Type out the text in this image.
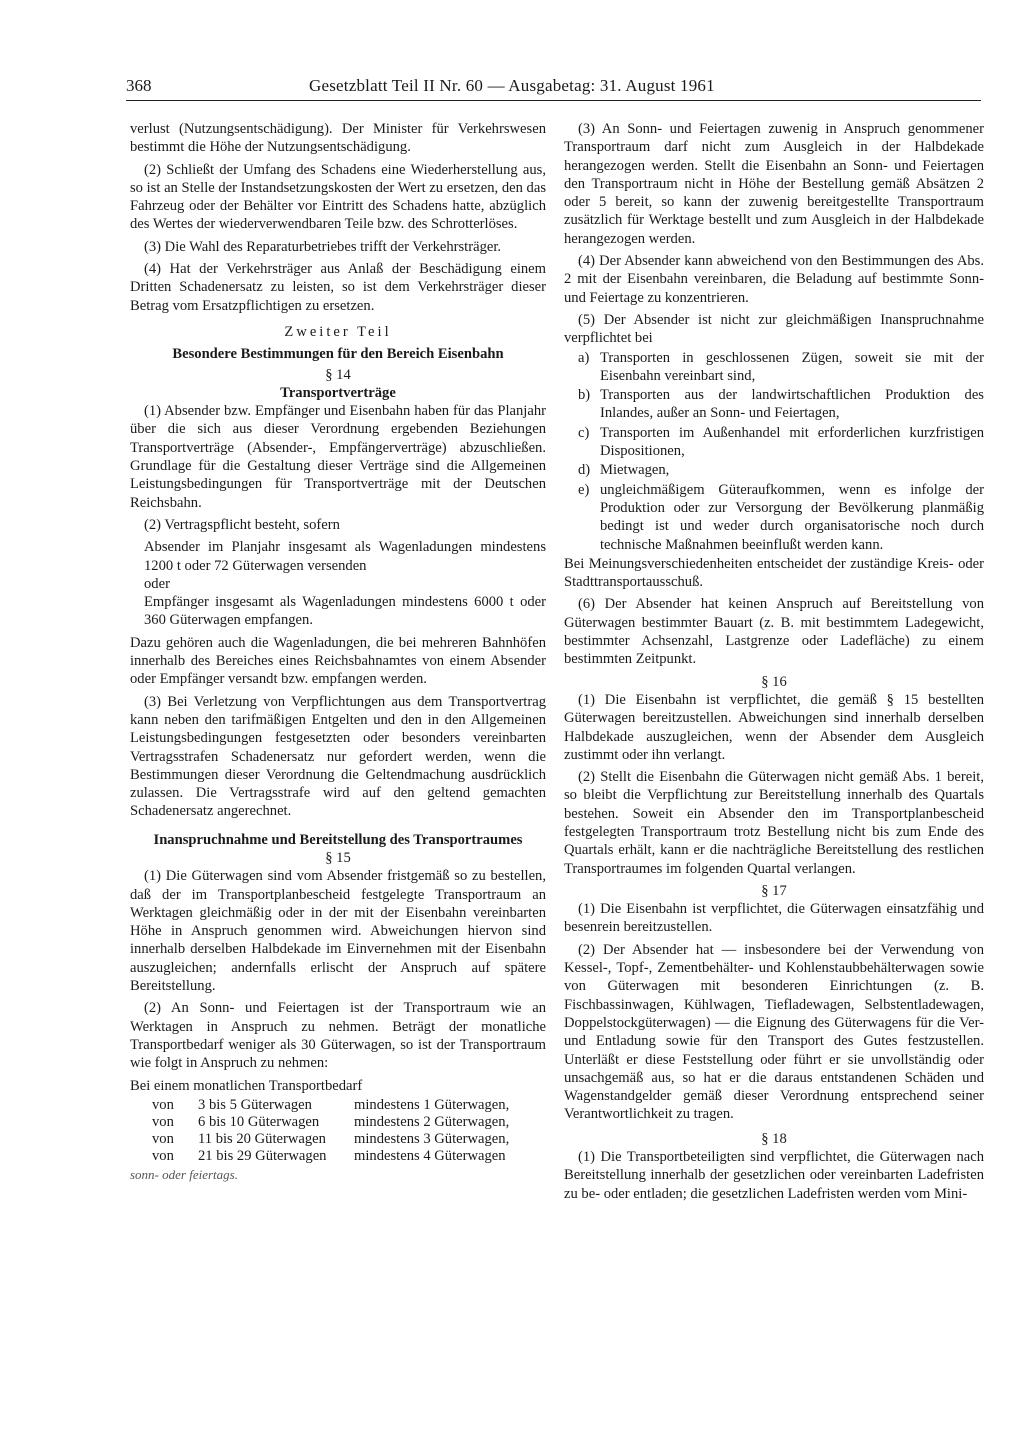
368	Gesetzblatt Teil II Nr. 60 — Ausgabetag: 31. August 1961

verlust (Nutzungsentschädigung). Der Minister für Verkehrswesen bestimmt die Höhe der Nutzungsentschädigung.

(2) Schließt der Umfang des Schadens eine Wiederherstellung aus, so ist an Stelle der Instandsetzungskosten der Wert zu ersetzen, den das Fahrzeug oder der Behälter vor Eintritt des Schadens hatte, abzüglich des Wertes der wiederverwendbaren Teile bzw. des Schrotterlöses.

(3) Die Wahl des Reparaturbetriebes trifft der Verkehrsträger.

(4) Hat der Verkehrsträger aus Anlaß der Beschädigung einem Dritten Schadenersatz zu leisten, so ist dem Verkehrsträger dieser Betrag vom Ersatzpflichtigen zu ersetzen.

Zweiter Teil

Besondere Bestimmungen für den Bereich Eisenbahn

§ 14

Transportverträge

(1) Absender bzw. Empfänger und Eisenbahn haben für das Planjahr über die sich aus dieser Verordnung ergebenden Beziehungen Transportverträge (Absender-, Empfängerverträge) abzuschließen. Grundlage für die Gestaltung dieser Verträge sind die Allgemeinen Leistungsbedingungen für Transportverträge mit der Deutschen Reichsbahn.

(2) Vertragspflicht besteht, sofern

Absender im Planjahr insgesamt als Wagenladungen mindestens 1200 t oder 72 Güterwagen versenden

oder

Empfänger insgesamt als Wagenladungen mindestens 6000 t oder 360 Güterwagen empfangen.

Dazu gehören auch die Wagenladungen, die bei mehreren Bahnhöfen innerhalb des Bereiches eines Reichsbahnamtes von einem Absender oder Empfänger versandt bzw. empfangen werden.

(3) Bei Verletzung von Verpflichtungen aus dem Transportvertrag kann neben den tarifmäßigen Entgelten und den in den Allgemeinen Leistungsbedingungen festgesetzten oder besonders vereinbarten Vertragsstrafen Schadenersatz nur gefordert werden, wenn die Bestimmungen dieser Verordnung die Geltendmachung ausdrücklich zulassen. Die Vertragsstrafe wird auf den geltend gemachten Schadenersatz angerechnet.

Inanspruchnahme und Bereitstellung des Transportraumes

§ 15

(1) Die Güterwagen sind vom Absender fristgemäß so zu bestellen, daß der im Transportplanbescheid festgelegte Transportraum an Werktagen gleichmäßig oder in der mit der Eisenbahn vereinbarten Höhe in Anspruch genommen wird. Abweichungen hiervon sind innerhalb derselben Halbdekade im Einvernehmen mit der Eisenbahn auszugleichen; andernfalls erlischt der Anspruch auf spätere Bereitstellung.

(2) An Sonn- und Feiertagen ist der Transportraum wie an Werktagen in Anspruch zu nehmen. Beträgt der monatliche Transportbedarf weniger als 30 Güterwagen, so ist der Transportraum wie folgt in Anspruch zu nehmen:

Bei einem monatlichen Transportbedarf

von	3 bis 5 Güterwagen	mindestens 1 Güterwagen,
von	6 bis 10 Güterwagen	mindestens 2 Güterwagen,
von	11 bis 20 Güterwagen	mindestens 3 Güterwagen,
von	21 bis 29 Güterwagen	mindestens 4 Güterwagen

sonn- oder feiertags.

(3) An Sonn- und Feiertagen zuwenig in Anspruch genommener Transportraum darf nicht zum Ausgleich in der Halbdekade herangezogen werden. Stellt die Eisenbahn an Sonn- und Feiertagen den Transportraum nicht in Höhe der Bestellung gemäß Absätzen 2 oder 5 bereit, so kann der zuwenig bereitgestellte Transportraum zusätzlich für Werktage bestellt und zum Ausgleich in der Halbdekade herangezogen werden.

(4) Der Absender kann abweichend von den Bestimmungen des Abs. 2 mit der Eisenbahn vereinbaren, die Beladung auf bestimmte Sonn- und Feiertage zu konzentrieren.

(5) Der Absender ist nicht zur gleichmäßigen Inanspruchnahme verpflichtet bei

a) Transporten in geschlossenen Zügen, soweit sie mit der Eisenbahn vereinbart sind,
b) Transporten aus der landwirtschaftlichen Produktion des Inlandes, außer an Sonn- und Feiertagen,
c) Transporten im Außenhandel mit erforderlichen kurzfristigen Dispositionen,
d) Mietwagen,
e) ungleichmäßigem Güteraufkommen, wenn es infolge der Produktion oder zur Versorgung der Bevölkerung planmäßig bedingt ist und weder durch organisatorische noch durch technische Maßnahmen beeinflußt werden kann.

Bei Meinungsverschiedenheiten entscheidet der zuständige Kreis- oder Stadttransportausschuß.

(6) Der Absender hat keinen Anspruch auf Bereitstellung von Güterwagen bestimmter Bauart (z. B. mit bestimmtem Ladegewicht, bestimmter Achsenzahl, Lastgrenze oder Ladefläche) zu einem bestimmten Zeitpunkt.

§ 16

(1) Die Eisenbahn ist verpflichtet, die gemäß § 15 bestellten Güterwagen bereitzustellen. Abweichungen sind innerhalb derselben Halbdekade auszugleichen, wenn der Absender dem Ausgleich zustimmt oder ihn verlangt.

(2) Stellt die Eisenbahn die Güterwagen nicht gemäß Abs. 1 bereit, so bleibt die Verpflichtung zur Bereitstellung innerhalb des Quartals bestehen. Soweit ein Absender den im Transportplanbescheid festgelegten Transportraum trotz Bestellung nicht bis zum Ende des Quartals erhält, kann er die nachträgliche Bereitstellung des restlichen Transportraumes im folgenden Quartal verlangen.

§ 17

(1) Die Eisenbahn ist verpflichtet, die Güterwagen einsatzfähig und besenrein bereitzustellen.

(2) Der Absender hat — insbesondere bei der Verwendung von Kessel-, Topf-, Zementbehälter- und Kohlenstaubbehälterwagen sowie von Güterwagen mit besonderen Einrichtungen (z. B. Fischbassinwagen, Kühlwagen, Tiefladewagen, Selbstentladewagen, Doppelstockgüterwagen) — die Eignung des Güterwagens für die Ver- und Entladung sowie für den Transport des Gutes festzustellen. Unterläßt er diese Feststellung oder führt er sie unvollständig oder unsachgemäß aus, so hat er die daraus entstandenen Schäden und Wagenstandgelder gemäß dieser Verordnung entsprechend seiner Verantwortlichkeit zu tragen.

§ 18

(1) Die Transportbeteiligten sind verpflichtet, die Güterwagen nach Bereitstellung innerhalb der gesetzlichen oder vereinbarten Ladefristen zu be- oder entladen; die gesetzlichen Ladefristen werden vom Mini-
